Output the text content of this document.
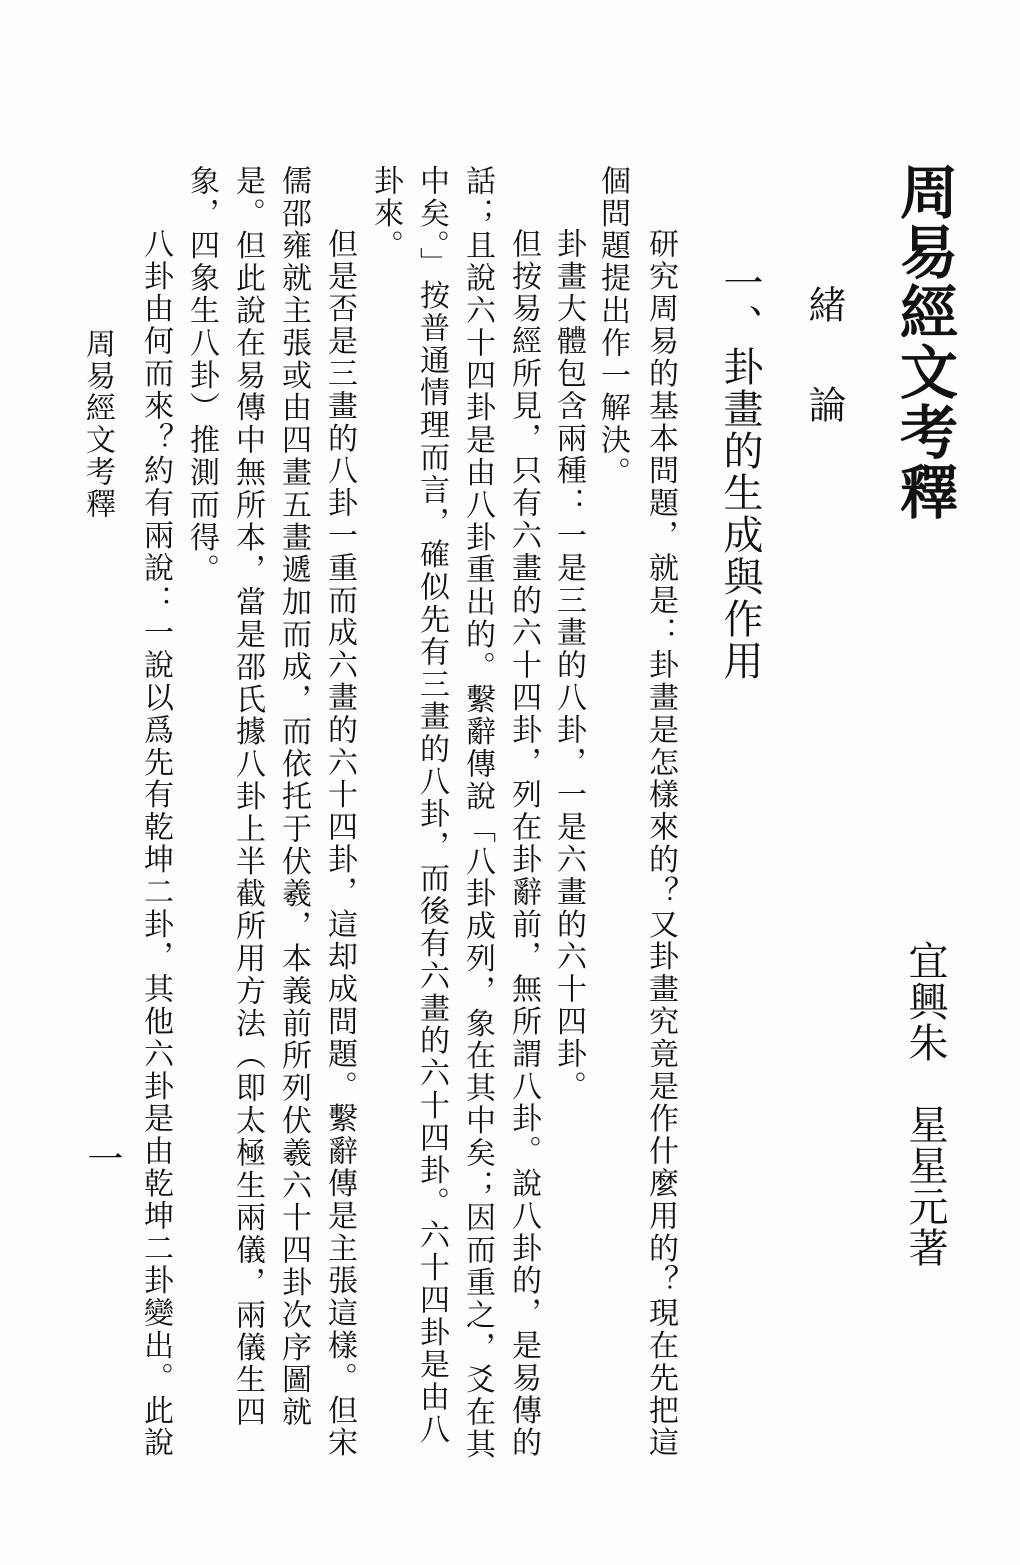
周易經文考釋
宜興朱　星星元著
緒論
一、卦畫的生成與作用
研究周易的基本問題，就是：卦畫是怎樣來的？又卦畫究竟是作什麼用的？現在先把這
個問題提出作一解決。
卦畫大體包含兩種：一是三畫的八卦，一是六畫的六十四卦。
但按易經所見，只有六畫的六十四卦，列在卦辭前，無所謂八卦。說八卦的，是易傳的
話；且說六十四卦是由八卦重出的。繫辭傳說「八卦成列，象在其中矣；因而重之，爻在其
中矣。」按普通情理而言，確似先有三畫的八卦，而後有六畫的六十四卦。六十四卦是由八
卦來。
但是否是三畫的八卦一重而成六畫的六十四卦，這却成問題。繫辭傳是主張這樣。但宋
儒邵雍就主張或由四畫五畫遞加而成，而依托于伏羲，本義前所列伏羲六十四卦次序圖就
是。但此說在易傳中無所本，當是邵氏據八卦上半截所用方法（即太極生兩儀，兩儀生四
象，四象生八卦）推測而得。
八卦由何而來？約有兩說：一說以爲先有乾坤二卦，其他六卦是由乾坤二卦變出。此說
周易經文考釋
一
